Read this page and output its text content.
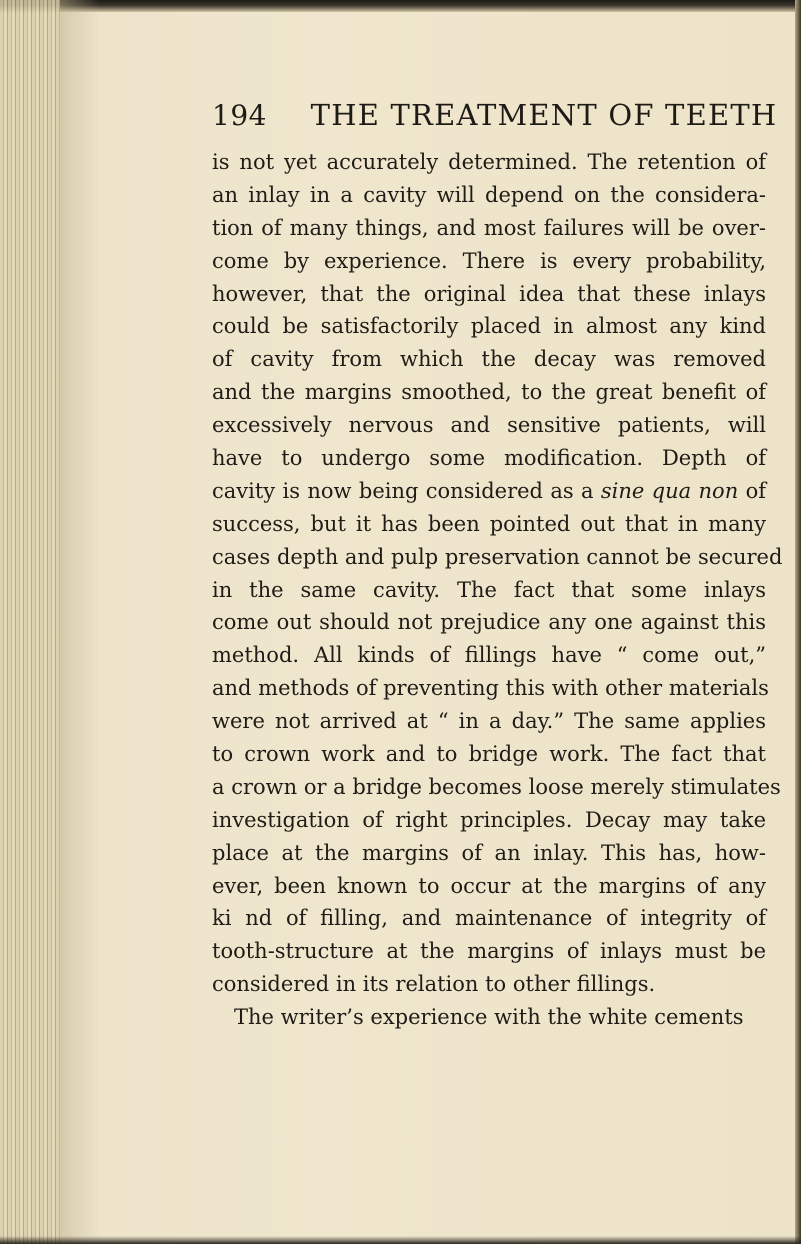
194 THE TREATMENT OF TEETH
is not yet accurately determined. The retention of
an inlay in a cavity will depend on the considera-
tion of many things, and most failures will be over-
come by experience. There is every probability,
however, that the original idea that these inlays
could be satisfactorily placed in almost any kind
of cavity from which the decay was removed
and the margins smoothed, to the great benefit of
excessively nervous and sensitive patients, will
have to undergo some modification. Depth of
cavity is now being considered as a sine qua non of
success, but it has been pointed out that in many
cases depth and pulp preservation cannot be secured
in the same cavity. The fact that some inlays
come out should not prejudice any one against this
method. All kinds of fillings have “ come out,”
and methods of preventing this with other materials
were not arrived at “ in a day.” The same applies
to crown work and to bridge work. The fact that
a crown or a bridge becomes loose merely stimulates
investigation of right principles. Decay may take
place at the margins of an inlay. This has, how-
ever, been known to occur at the margins of any
ki nd of filling, and maintenance of integrity of
tooth-structure at the margins of inlays must be
considered in its relation to other fillings.
The writer’s experience with the white cements
